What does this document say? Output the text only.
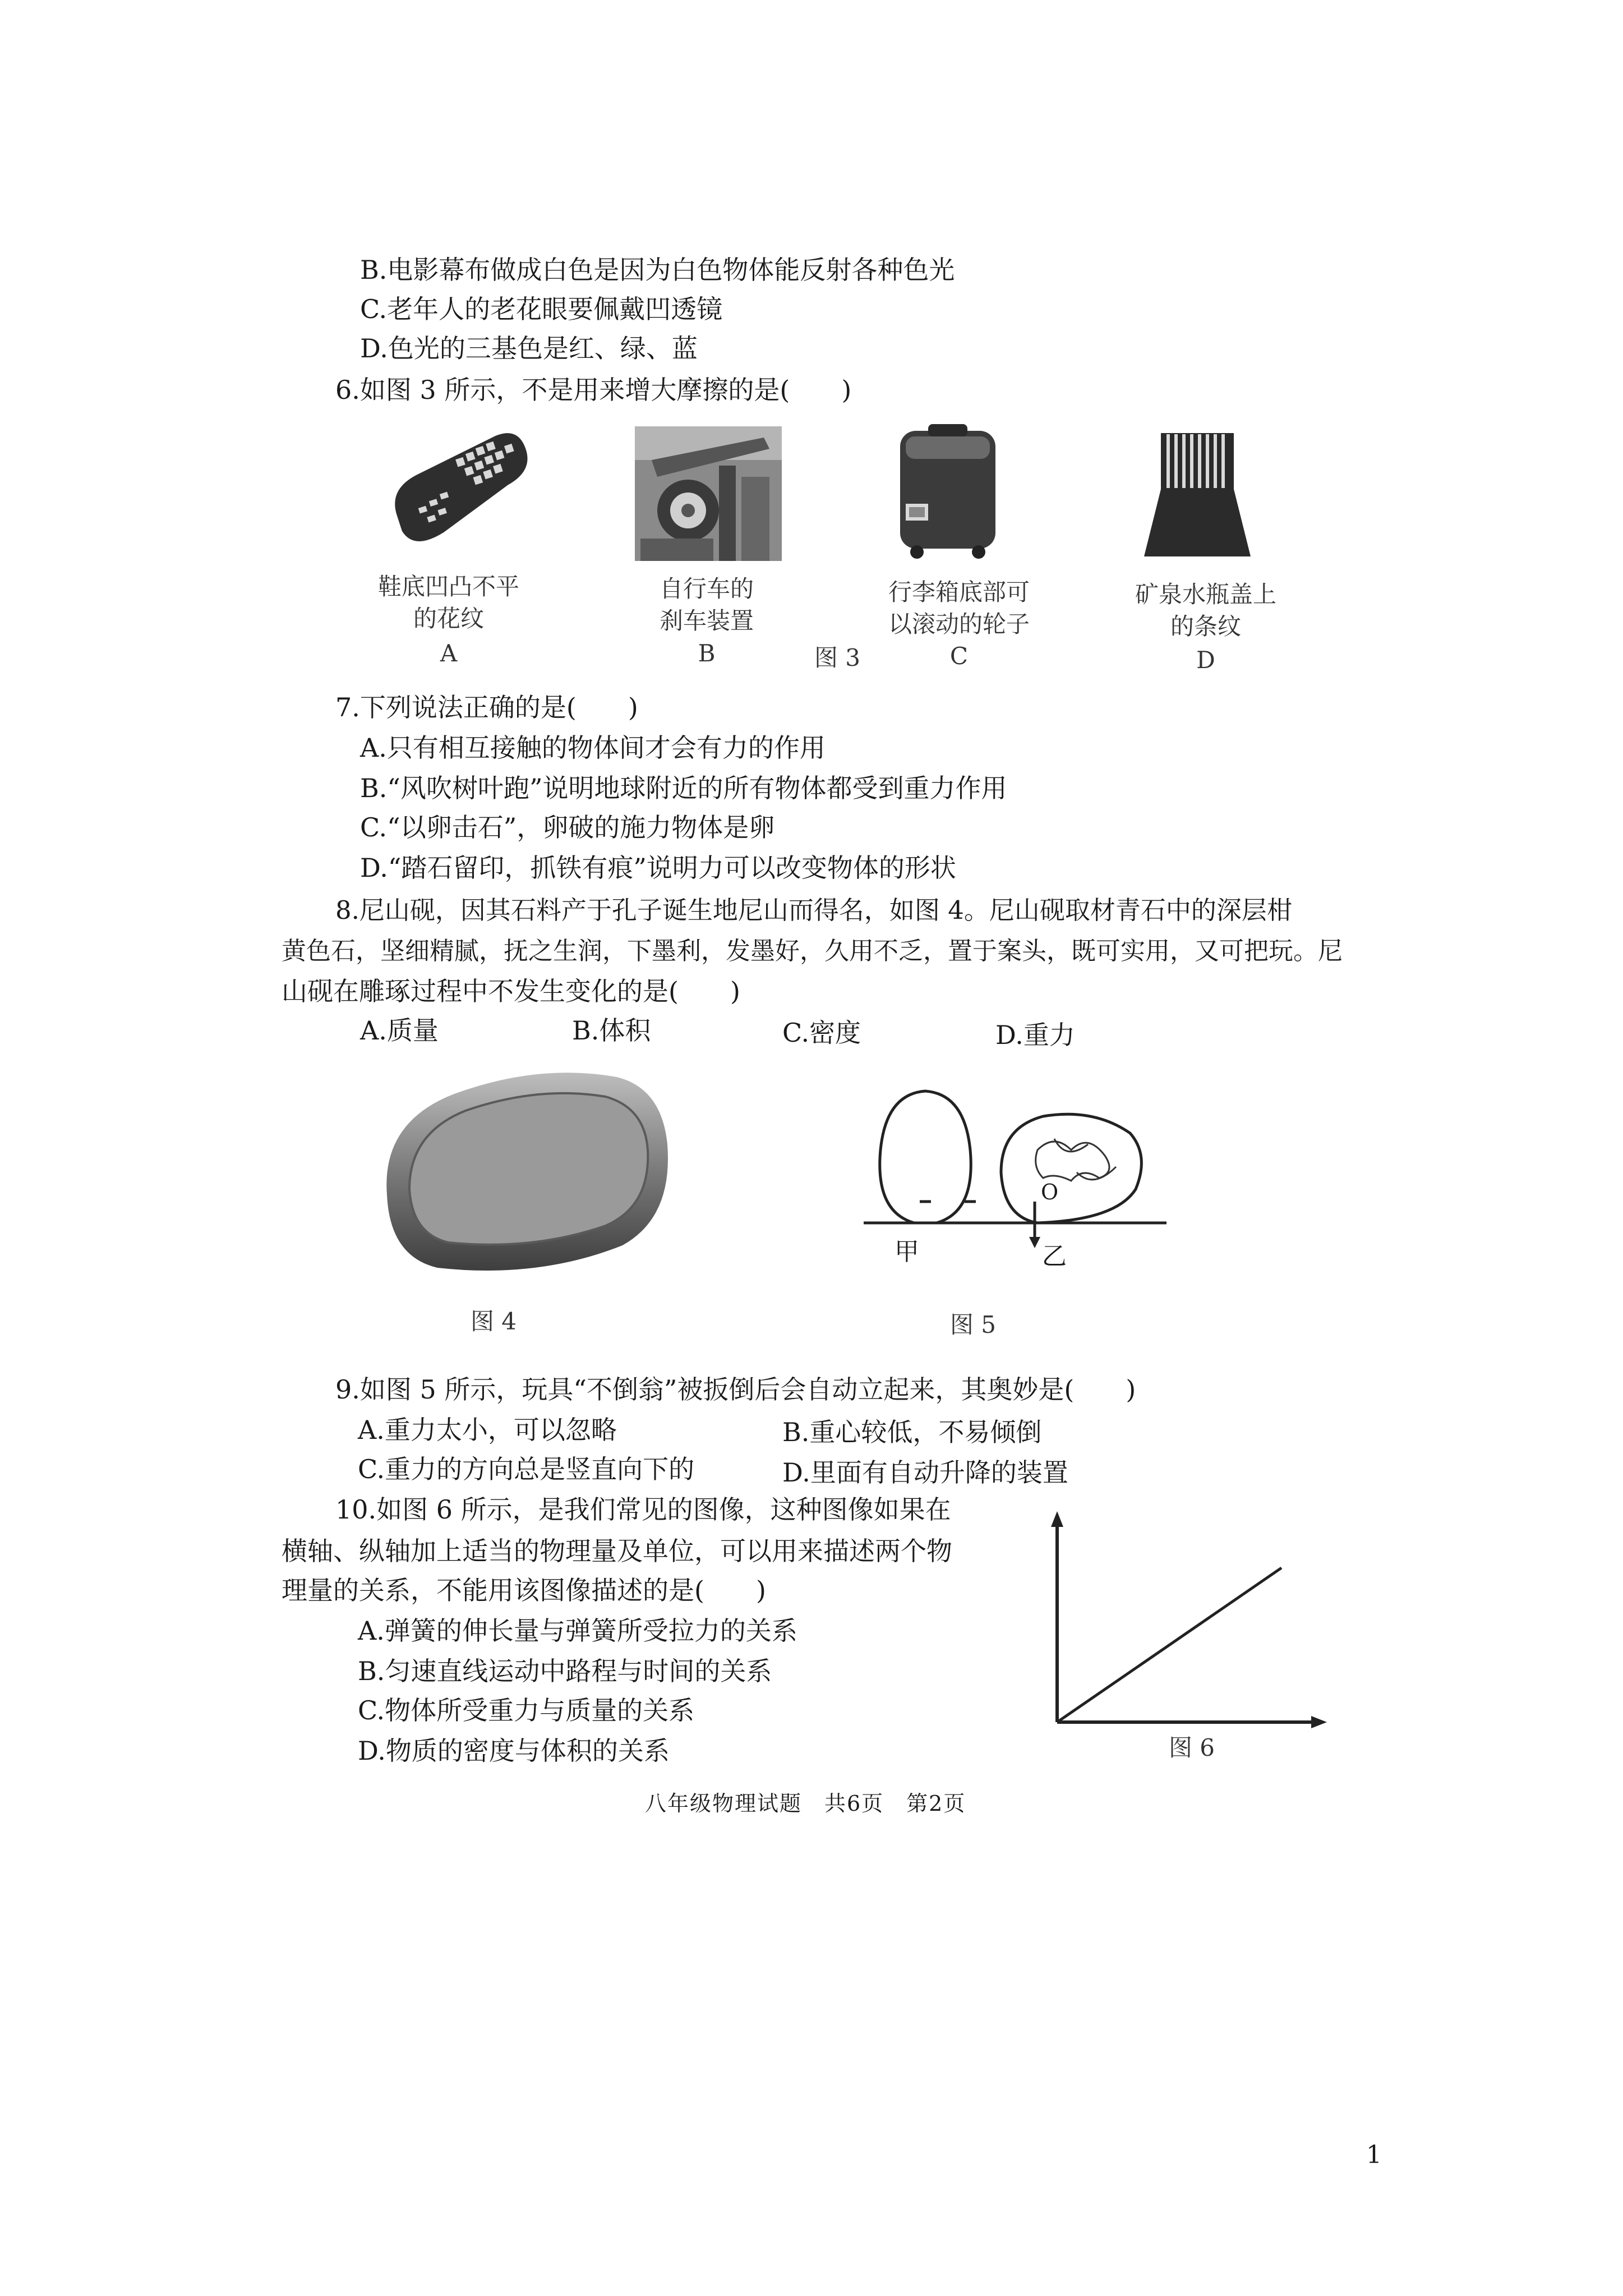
B.电影幕布做成白色是因为白色物体能反射各种色光
C.老年人的老花眼要佩戴凹透镜
D.色光的三基色是红、绿、蓝
6.如图 3 所示，不是用来增大摩擦的是(　　)
鞋底凹凸不平
的花纹
A
自行车的
刹车装置
B	图 3
行李箱底部可
以滚动的轮子
C
矿泉水瓶盖上
的条纹
D
7.下列说法正确的是(　　)
A.只有相互接触的物体间才会有力的作用
B.“风吹树叶跑”说明地球附近的所有物体都受到重力作用
C.“以卵击石”，卵破的施力物体是卵
D.“踏石留印，抓铁有痕”说明力可以改变物体的形状
8.尼山砚，因其石料产于孔子诞生地尼山而得名，如图 4。尼山砚取材青石中的深层柑
黄色石，坚细精腻，抚之生润，下墨利，发墨好，久用不乏，置于案头，既可实用，又可把玩。尼
山砚在雕琢过程中不发生变化的是(　　)
A.质量	B.体积	C.密度	D.重力
图 4
O
甲	乙
图 5
9.如图 5 所示，玩具“不倒翁”被扳倒后会自动立起来，其奥妙是(　　)
A.重力太小，可以忽略	B.重心较低，不易倾倒
C.重力的方向总是竖直向下的	D.里面有自动升降的装置
10.如图 6 所示，是我们常见的图像，这种图像如果在
横轴、纵轴加上适当的物理量及单位，可以用来描述两个物
理量的关系，不能用该图像描述的是(　　)
A.弹簧的伸长量与弹簧所受拉力的关系
B.匀速直线运动中路程与时间的关系
C.物体所受重力与质量的关系
D.物质的密度与体积的关系	图 6
八年级物理试题　共6页　第2页
1
